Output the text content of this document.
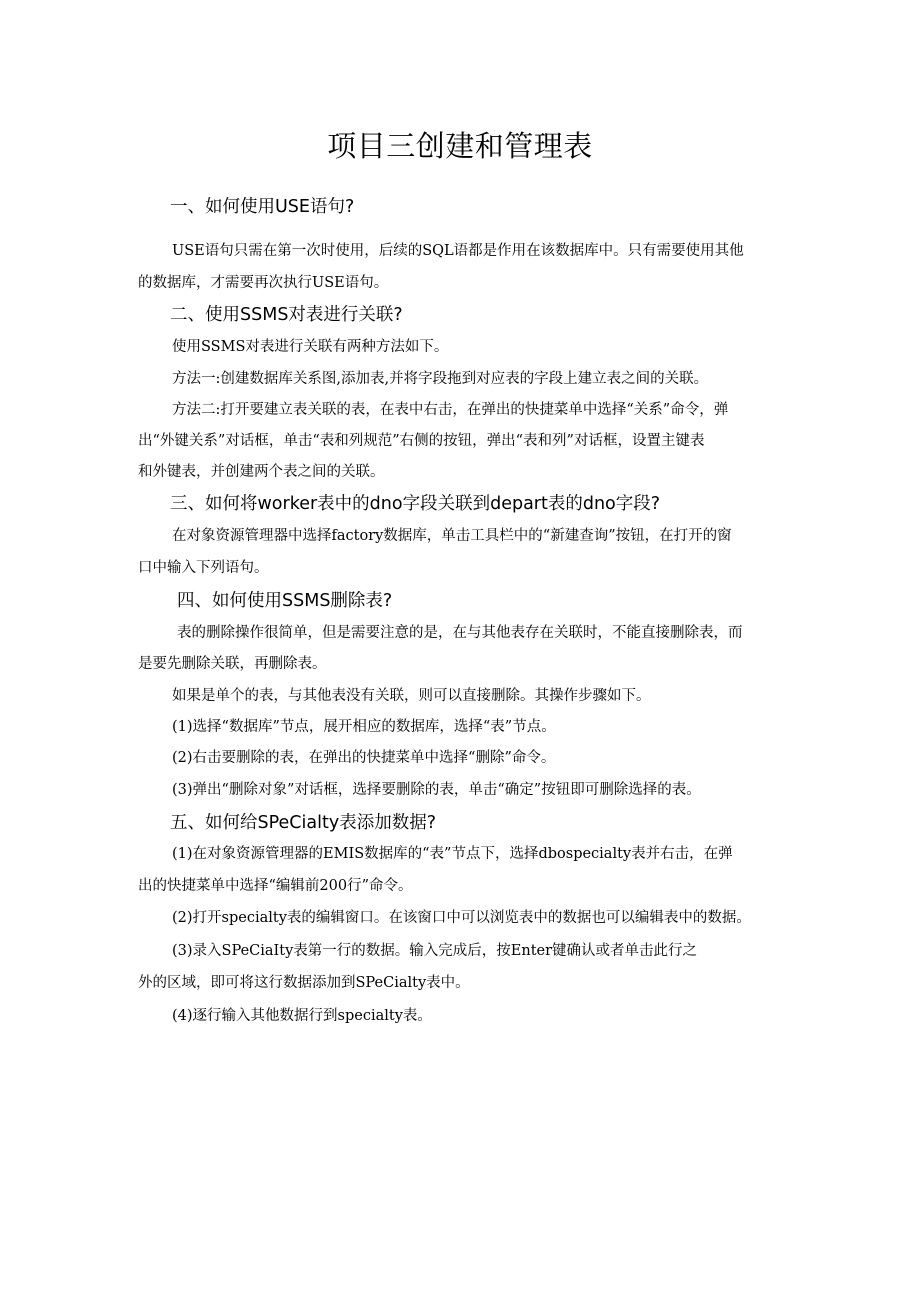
项目三创建和管理表
一、如何使用USE语句?
USE语句只需在第一次时使用，后续的SQL语都是作用在该数据库中。只有需要使用其他
的数据库，才需要再次执行USE语句。
二、使用SSMS对表进行关联?
使用SSMS对表进行关联有两种方法如下。
方法一:创建数据库关系图,添加表,并将字段拖到对应表的字段上建立表之间的关联。
方法二:打开要建立表关联的表，在表中右击，在弹出的快捷菜单中选择“关系”命令，弹
出“外键关系”对话框，单击“表和列规范”右侧的按钮，弹出“表和列”对话框，设置主键表
和外键表，并创建两个表之间的关联。
三、如何将worker表中的dno字段关联到depart表的dno字段?
在对象资源管理器中选择factory数据库，单击工具栏中的“新建查询”按钮，在打开的窗
口中输入下列语句。
四、如何使用SSMS删除表?
表的删除操作很简单，但是需要注意的是，在与其他表存在关联时，不能直接删除表，而
是要先删除关联，再删除表。
如果是单个的表，与其他表没有关联，则可以直接删除。其操作步骤如下。
(1)选择“数据库”节点，展开相应的数据库，选择“表”节点。
(2)右击要删除的表，在弹出的快捷菜单中选择“删除”命令。
(3)弹出“删除对象”对话框，选择要删除的表，单击“确定”按钮即可删除选择的表。
五、如何给SPeCialty表添加数据?
(1)在对象资源管理器的EMIS数据库的“表”节点下，选择dbospecialty表并右击，在弹
出的快捷菜单中选择“编辑前200行”命令。
(2)打开specialty表的编辑窗口。在该窗口中可以浏览表中的数据也可以编辑表中的数据。
(3)录入SPeCiaIty表第一行的数据。输入完成后，按Enter键确认或者单击此行之
外的区域，即可将这行数据添加到SPeCialty表中。
(4)逐行输入其他数据行到specialty表。
